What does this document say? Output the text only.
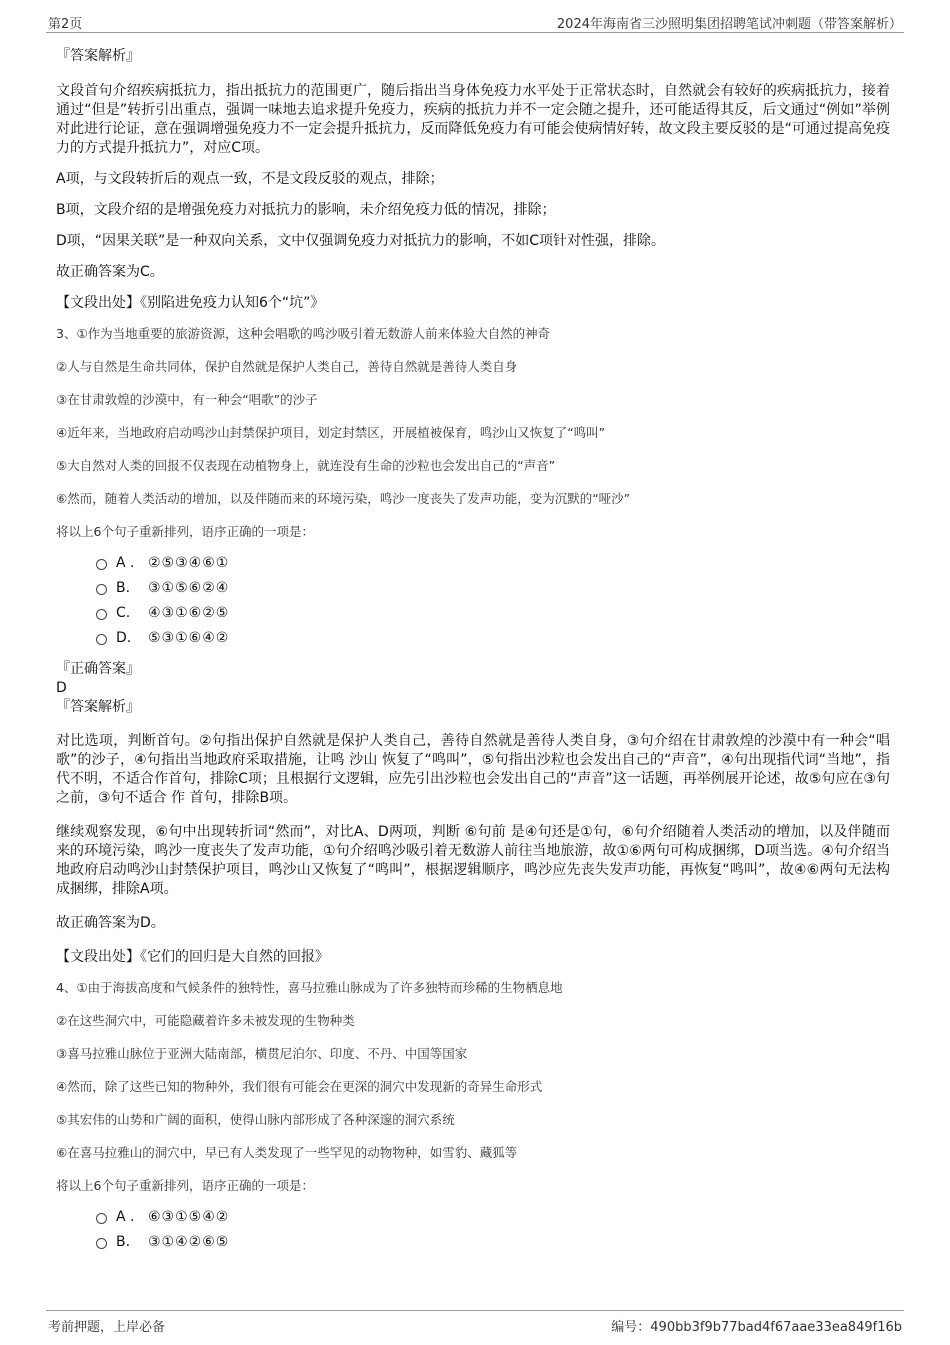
第2页	2024年海南省三沙照明集团招聘笔试冲刺题（带答案解析）
『答案解析』
文段首句介绍疾病抵抗力，指出抵抗力的范围更广，随后指出当身体免疫力水平处于正常状态时，自然就会有较好的疾病抵抗力，接着通过“但是”转折引出重点，强调一味地去追求提升免疫力，疾病的抵抗力并不一定会随之提升，还可能适得其反，后文通过“例如”举例对此进行论证，意在强调增强免疫力不一定会提升抵抗力，反而降低免疫力有可能会使病情好转，故文段主要反驳的是“可通过提高免疫力的方式提升抵抗力”，对应C项。
A项，与文段转折后的观点一致，不是文段反驳的观点，排除；
B项，文段介绍的是增强免疫力对抵抗力的影响，未介绍免疫力低的情况，排除；
D项，“因果关联”是一种双向关系，文中仅强调免疫力对抵抗力的影响，不如C项针对性强，排除。
故正确答案为C。
【文段出处】《别陷进免疫力认知6个“坑”》
3、①作为当地重要的旅游资源，这种会唱歌的鸣沙吸引着无数游人前来体验大自然的神奇
②人与自然是生命共同体，保护自然就是保护人类自己，善待自然就是善待人类自身
③在甘肃敦煌的沙漠中，有一种会“唱歌”的沙子
④近年来，当地政府启动鸣沙山封禁保护项目，划定封禁区，开展植被保育，鸣沙山又恢复了“鸣叫”
⑤大自然对人类的回报不仅表现在动植物身上，就连没有生命的沙粒也会发出自己的“声音”
⑥然而，随着人类活动的增加，以及伴随而来的环境污染，鸣沙一度丧失了发声功能，变为沉默的“哑沙”
将以上6个句子重新排列，语序正确的一项是：
A . ②⑤③④⑥①
B. ③①⑤⑥②④
C. ④③①⑥②⑤
D. ⑤③①⑥④②
『正确答案』
D
『答案解析』
对比选项，判断首句。②句指出保护自然就是保护人类自己，善待自然就是善待人类自身，③句介绍在甘肃敦煌的沙漠中有一种会“唱歌”的沙子，④句指出当地政府采取措施，让鸣 沙山 恢复了“鸣叫”，⑤句指出沙粒也会发出自己的“声音”，④句出现指代词“当地”，指代不明，不适合作首句，排除C项；且根据行文逻辑，应先引出沙粒也会发出自己的“声音”这一话题，再举例展开论述，故⑤句应在③句之前，③句不适合 作 首句，排除B项。
继续观察发现，⑥句中出现转折词“然而”，对比A、D两项，判断 ⑥句前 是④句还是①句，⑥句介绍随着人类活动的增加，以及伴随而来的环境污染，鸣沙一度丧失了发声功能，①句介绍鸣沙吸引着无数游人前往当地旅游，故①⑥两句可构成捆绑，D项当选。④句介绍当地政府启动鸣沙山封禁保护项目，鸣沙山又恢复了“鸣叫”，根据逻辑顺序，鸣沙应先丧失发声功能，再恢复“鸣叫”，故④⑥两句无法构成捆绑，排除A项。
故正确答案为D。
【文段出处】《它们的回归是大自然的回报》
4、①由于海拔高度和气候条件的独特性，喜马拉雅山脉成为了许多独特而珍稀的生物栖息地
②在这些洞穴中，可能隐藏着许多未被发现的生物种类
③喜马拉雅山脉位于亚洲大陆南部，横贯尼泊尔、印度、不丹、中国等国家
④然而，除了这些已知的物种外，我们很有可能会在更深的洞穴中发现新的奇异生命形式
⑤其宏伟的山势和广阔的面积，使得山脉内部形成了各种深邃的洞穴系统
⑥在喜马拉雅山的洞穴中，早已有人类发现了一些罕见的动物物种，如雪豹、藏狐等
将以上6个句子重新排列，语序正确的一项是：
A . ⑥③①⑤④②
B. ③①④②⑥⑤
考前押题，上岸必备	编号：490bb3f9b77bad4f67aae33ea849f16b
